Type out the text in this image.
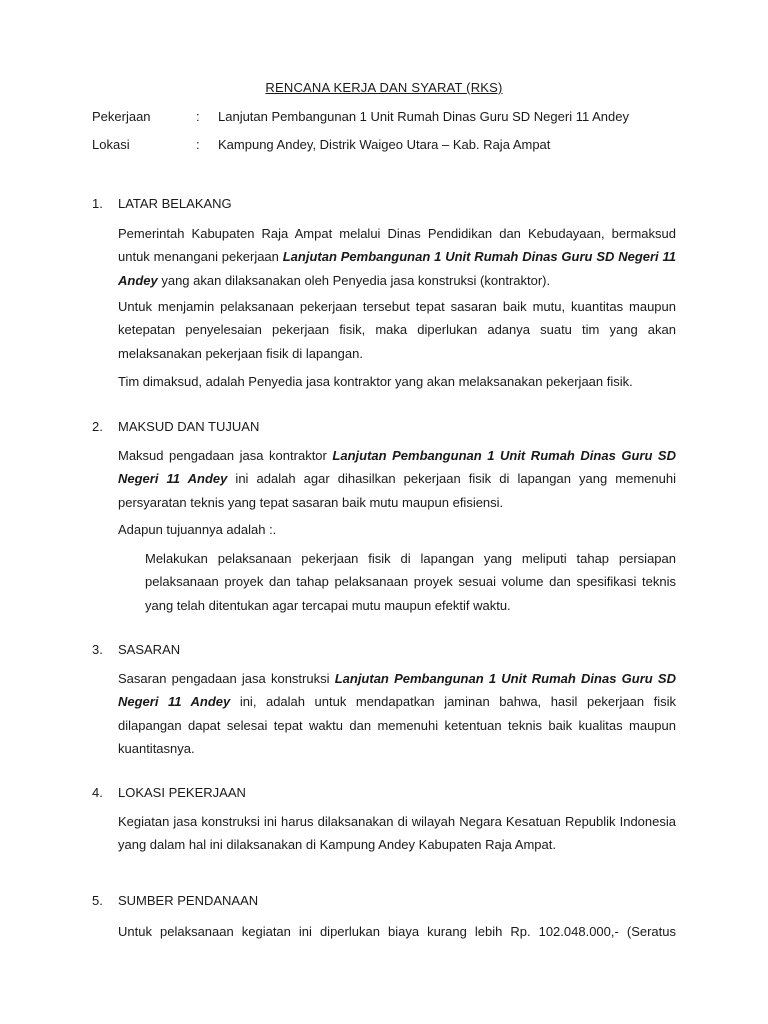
RENCANA KERJA DAN SYARAT (RKS)
Pekerjaan	: Lanjutan Pembangunan 1 Unit Rumah Dinas Guru SD Negeri 11 Andey
Lokasi	: Kampung Andey, Distrik Waigeo Utara – Kab. Raja Ampat
1. LATAR BELAKANG
Pemerintah Kabupaten Raja Ampat melalui Dinas Pendidikan dan Kebudayaan, bermaksud untuk menangani pekerjaan Lanjutan Pembangunan 1 Unit Rumah Dinas Guru SD Negeri 11 Andey yang akan dilaksanakan oleh Penyedia jasa konstruksi (kontraktor).
Untuk menjamin pelaksanaan pekerjaan tersebut tepat sasaran baik mutu, kuantitas maupun ketepatan penyelesaian pekerjaan fisik, maka diperlukan adanya suatu tim yang akan melaksanakan pekerjaan fisik di lapangan.
Tim dimaksud, adalah Penyedia jasa kontraktor yang akan melaksanakan pekerjaan fisik.
2. MAKSUD DAN TUJUAN
Maksud pengadaan jasa kontraktor Lanjutan Pembangunan 1 Unit Rumah Dinas Guru SD Negeri 11 Andey ini adalah agar dihasilkan pekerjaan fisik di lapangan yang memenuhi persyaratan teknis yang tepat sasaran baik mutu maupun efisiensi.
Adapun tujuannya adalah :.
Melakukan pelaksanaan pekerjaan fisik di lapangan yang meliputi tahap persiapan pelaksanaan proyek dan tahap pelaksanaan proyek sesuai volume dan spesifikasi teknis yang telah ditentukan agar tercapai mutu maupun efektif waktu.
3. SASARAN
Sasaran pengadaan jasa konstruksi Lanjutan Pembangunan 1 Unit Rumah Dinas Guru SD Negeri 11 Andey ini, adalah untuk mendapatkan jaminan bahwa, hasil pekerjaan fisik dilapangan dapat selesai tepat waktu dan memenuhi ketentuan teknis baik kualitas maupun kuantitasnya.
4. LOKASI PEKERJAAN
Kegiatan jasa konstruksi ini harus dilaksanakan di wilayah Negara Kesatuan Republik Indonesia yang dalam hal ini dilaksanakan di Kampung Andey Kabupaten Raja Ampat.
5. SUMBER PENDANAAN
Untuk pelaksanaan kegiatan ini diperlukan biaya kurang lebih Rp. 102.048.000,- (Seratus
